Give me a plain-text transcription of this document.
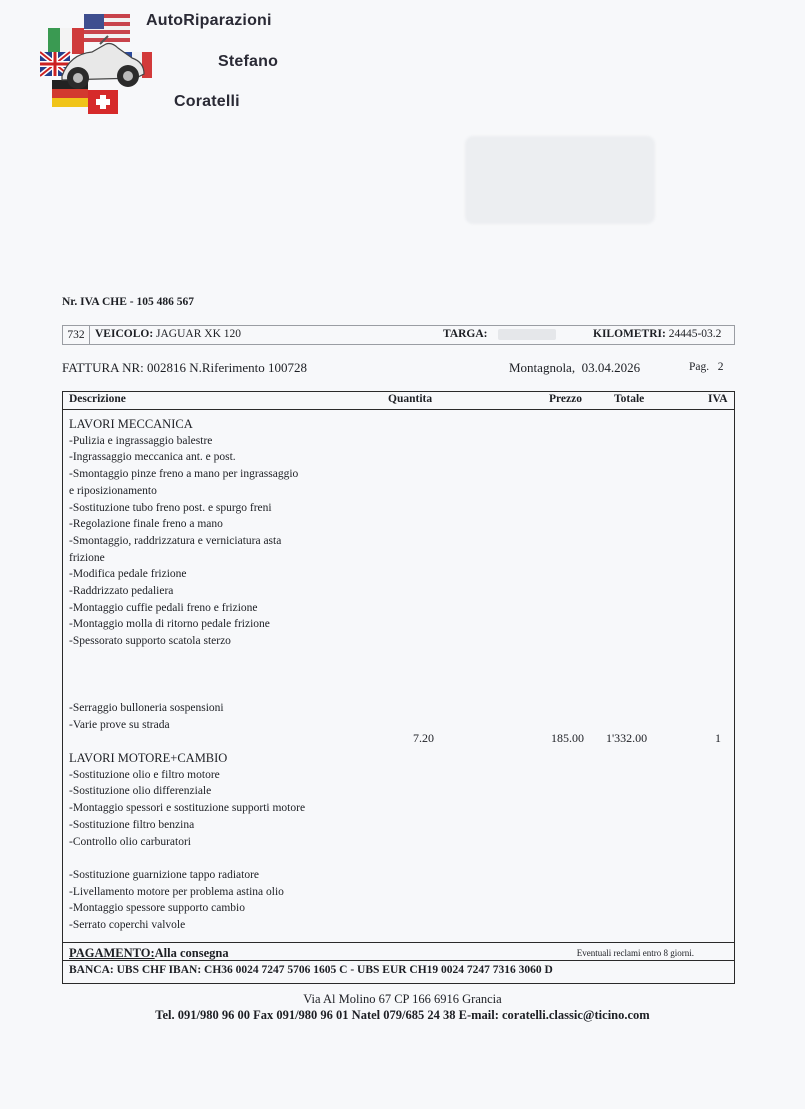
AutoRiparazioni
Stefano
Coratelli
Nr. IVA CHE - 105 486 567
732 VEICOLO: JAGUAR XK 120	TARGA:	KILOMETRI: 24445-03.2
FATTURA NR: 002816 N.Riferimento 100728	Montagnola, 03.04.2026	Pag. 2
Descrizione	Quantita	Prezzo	Totale	IVA
LAVORI MECCANICA
-Pulizia e ingrassaggio balestre
-Ingrassaggio meccanica ant. e post.
-Smontaggio pinze freno a mano per ingrassaggio
e riposizionamento
-Sostituzione tubo freno post. e spurgo freni
-Regolazione finale freno a mano
-Smontaggio, raddrizzatura e verniciatura asta
frizione
-Modifica pedale frizione
-Raddrizzato pedaliera
-Montaggio cuffie pedali freno e frizione
-Montaggio molla di ritorno pedale frizione
-Spessorato supporto scatola sterzo

-Serraggio bulloneria sospensioni
-Varie prove su strada

LAVORI MOTORE+CAMBIO
-Sostituzione olio e filtro motore
-Sostituzione olio differenziale
-Montaggio spessori e sostituzione supporti motore
-Sostituzione filtro benzina
-Controllo olio carburatori

-Sostituzione guarnizione tappo radiatore
-Livellamento motore per problema astina olio
-Montaggio spessore supporto cambio
-Serrato coperchi valvole
7.20	185.00 1'332.00	1
PAGAMENTO:Alla consegna	Eventuali reclami entro 8 giorni.
BANCA: UBS CHF IBAN: CH36 0024 7247 5706 1605 C - UBS EUR CH19 0024 7247 7316 3060 D
Via Al Molino 67 CP 166 6916 Grancia
Tel. 091/980 96 00 Fax 091/980 96 01 Natel 079/685 24 38 E-mail: coratelli.classic@ticino.com
